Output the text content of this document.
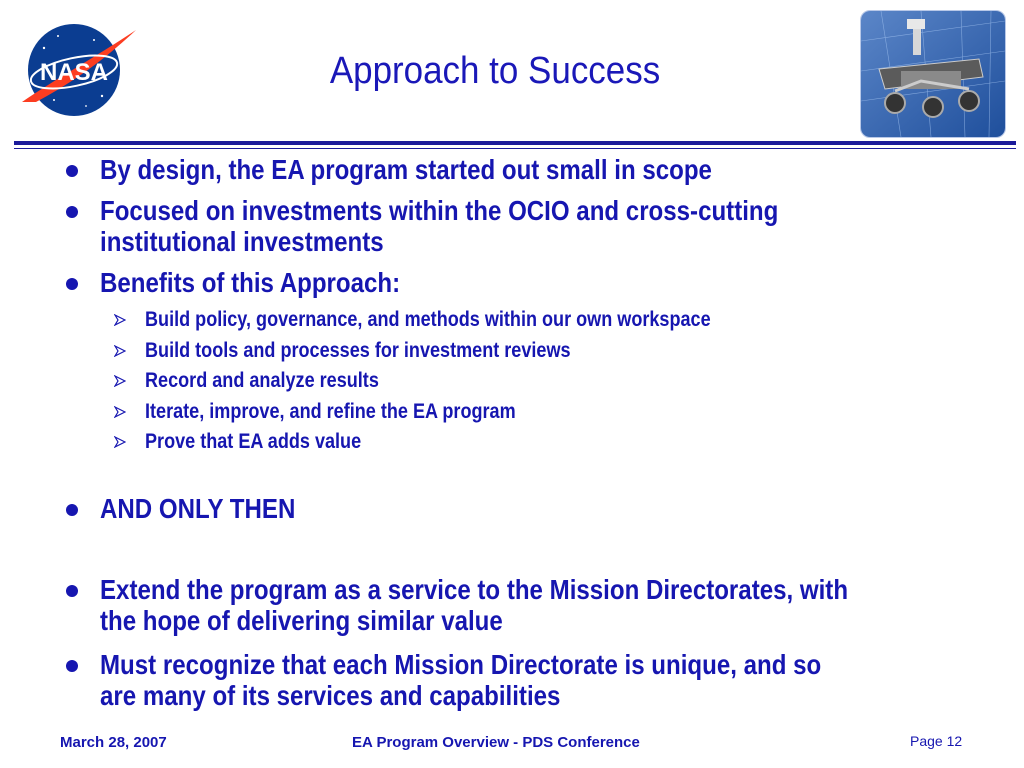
NASA	Approach to Success
By design, the EA program started out small in scope
Focused on investments within the OCIO and cross-cutting institutional investments
Benefits of this Approach:
Build policy, governance, and methods within our own workspace
Build tools and processes for investment reviews
Record and analyze results
Iterate, improve, and refine the EA program
Prove that EA adds value
AND ONLY THEN
Extend the program as a service to the Mission Directorates, with the hope of delivering similar value
Must recognize that each Mission Directorate is unique, and so are many of its services and capabilities
March 28, 2007	EA Program Overview - PDS Conference	Page 12
